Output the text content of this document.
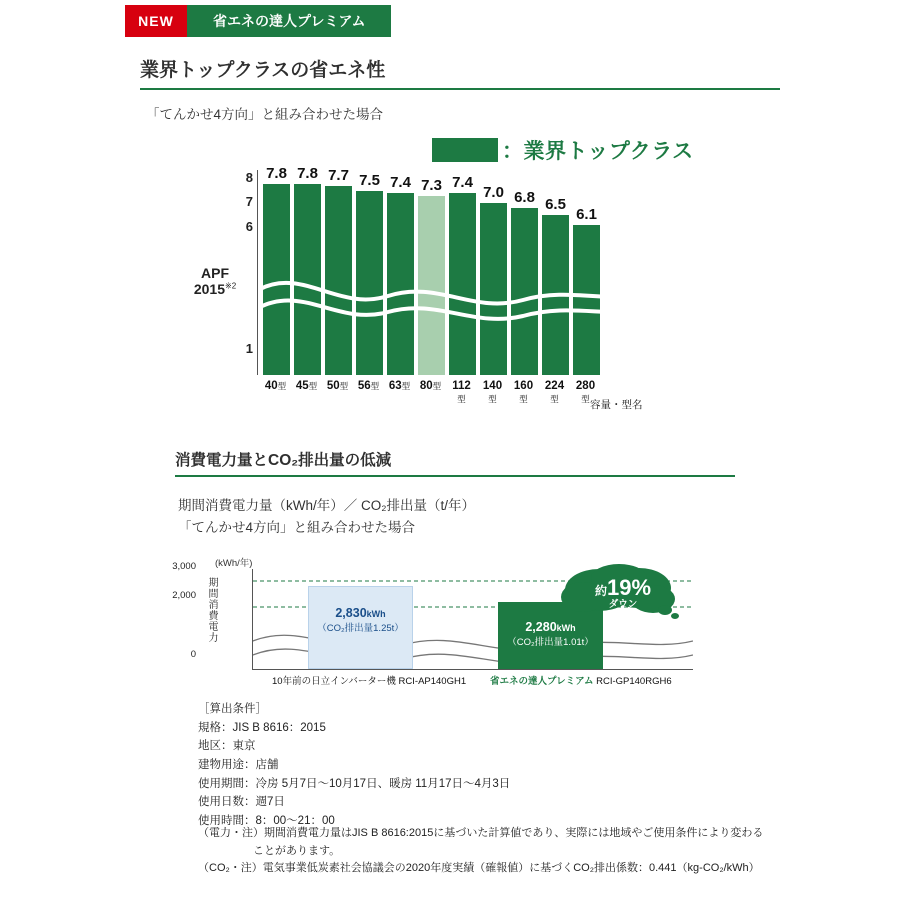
NEW	省エネの達人プレミアム
業界トップクラスの省エネ性
「てんかせ4方向」と組み合わせた場合
：業界トップクラス
APF
2015$^{※2}$
8
7
6
1
7.8 7.8 7.7 7.5 7.4 7.3 7.4
7.0 6.8 6.5
6.1
40型 45型 50型 56型 63型 80型 112型
140型
160型
224型
280型 容量・型名
消費電力量とCO₂排出量の低減
期間消費電力量（kWh/年）／ CO₂排出量（t/年）
「てんかせ4方向」と組み合わせた場合
(kWh/年)
期間消費電力
3,000
2,000
0
2,830kWh
（CO₂排出量1.25t）	2,280kWh
（CO₂排出量1.01t）
約19%
ダウン
10年前の日立インバーター機 RCI-AP140GH1	省エネの達人プレミアム RCI-GP140RGH6
［算出条件］
規格：JIS B 8616：2015
地区：東京
建物用途：店舗
使用期間：冷房 5月7日～10月17日、暖房 11月17日～4月3日
使用日数：週7日
使用時間：8：00～21：00
（電力・注）期間消費電力量はJIS B 8616:2015に基づいた計算値であり、実際には地域やご使用条件により変わる
　　　　　ことがあります。
（CO₂・注）電気事業低炭素社会協議会の2020年度実績（確報値）に基づくCO₂排出係数：0.441（kg-CO₂/kWh）
